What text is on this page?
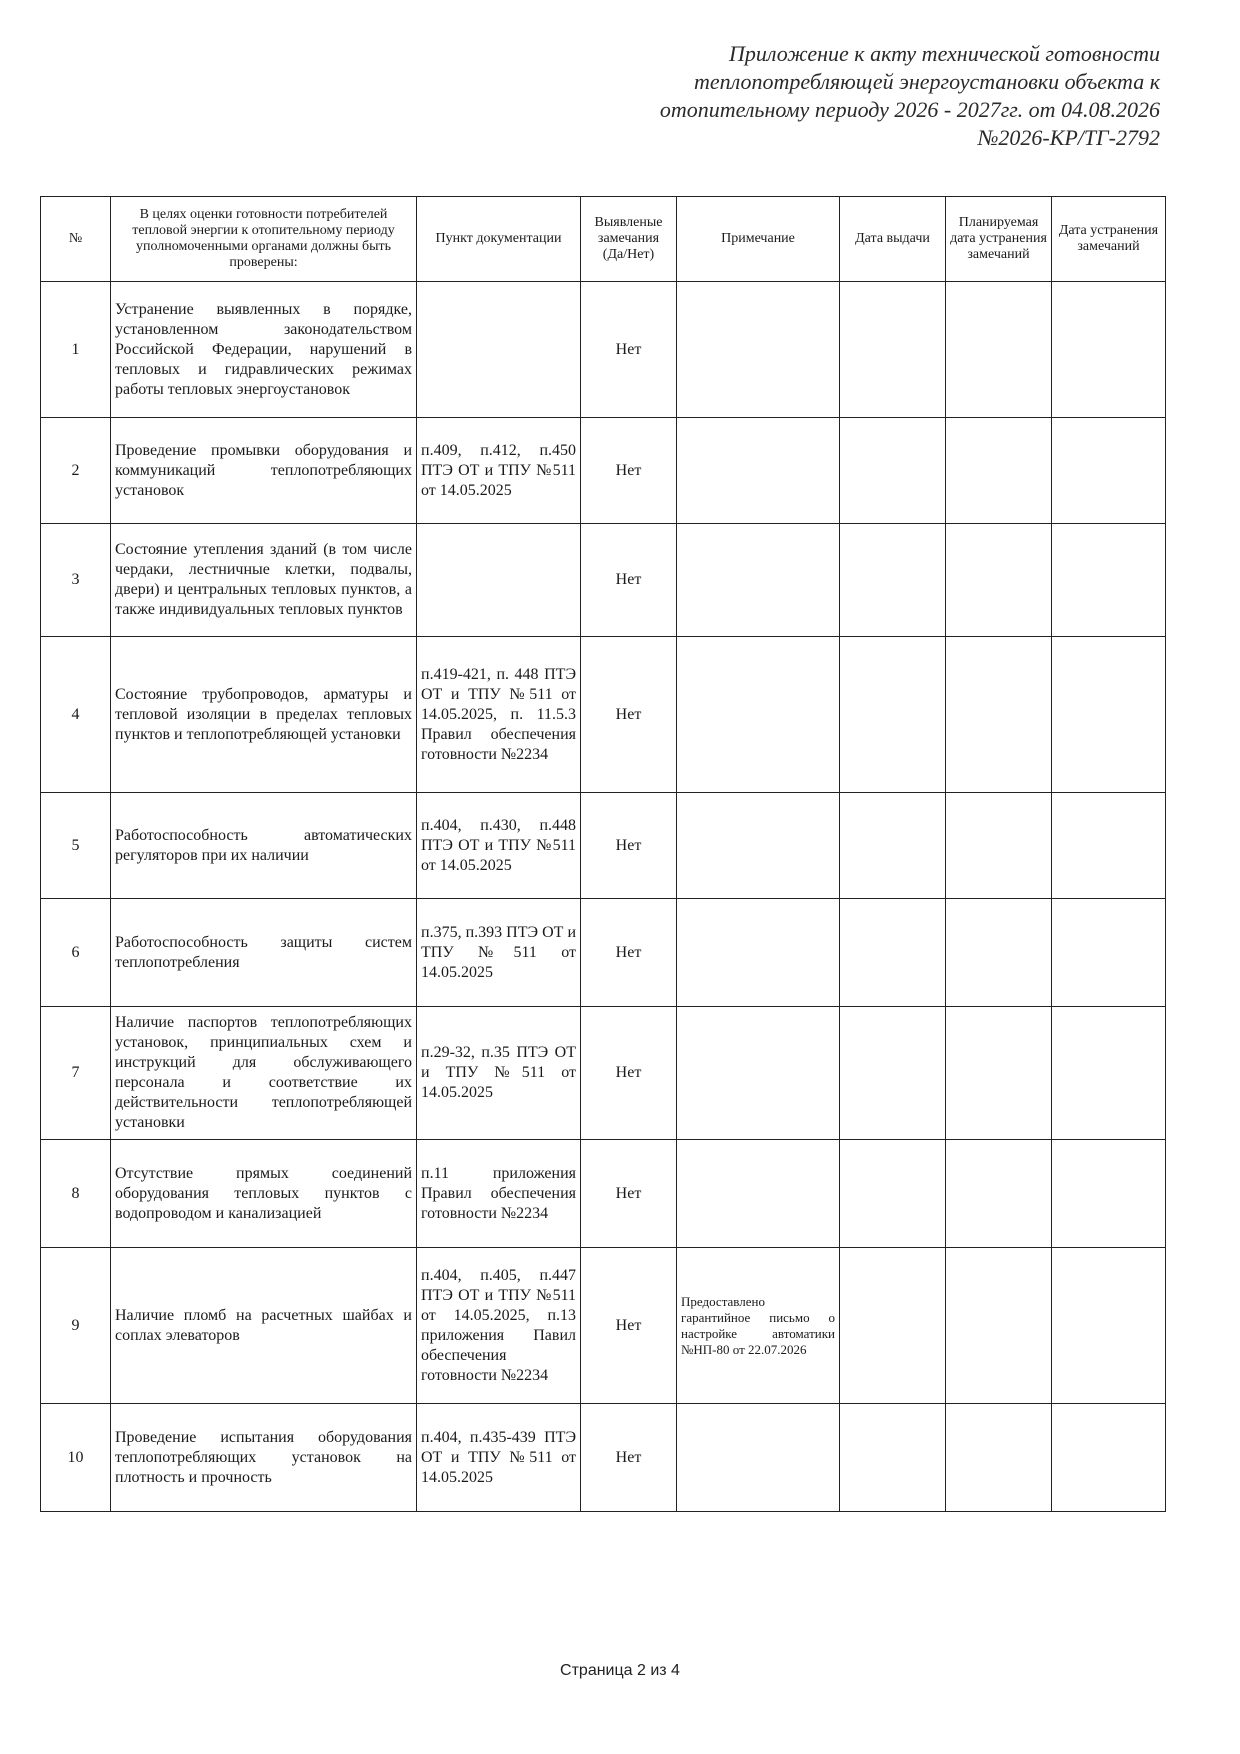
Приложение к акту технической готовности
теплопотребляющей энергоустановки объекта к
отопительному периоду 2026 - 2027гг. от 04.08.2026
№2026-КР/ТГ-2792
№	В целях оценки готовности потребителей тепловой энергии к отопительному периоду уполномоченными органами должны быть проверены:	Пункт документации	Выявленые замечания (Да/Нет)	Примечание	Дата выдачи	Планируемая дата устранения замечаний	Дата устранения замечаний
1	Устранение выявленных в порядке, установленном законодательством Российской Федерации, нарушений в тепловых и гидравлических режимах работы тепловых энергоустановок		Нет				
2	Проведение промывки оборудования и коммуникаций теплопотребляющих установок	п.409, п.412, п.450 ПТЭ ОТ и ТПУ №511 от 14.05.2025	Нет				
3	Состояние утепления зданий (в том числе чердаки, лестничные клетки, подвалы, двери) и центральных тепловых пунктов, а также индивидуальных тепловых пунктов		Нет				
4	Состояние трубопроводов, арматуры и тепловой изоляции в пределах тепловых пунктов и теплопотребляющей установки	п.419-421, п. 448 ПТЭ ОТ и ТПУ №511 от 14.05.2025, п. 11.5.3 Правил обеспечения готовности №2234	Нет				
5	Работоспособность автоматических регуляторов при их наличии	п.404, п.430, п.448 ПТЭ ОТ и ТПУ №511 от 14.05.2025	Нет				
6	Работоспособность защиты систем теплопотребления	п.375, п.393 ПТЭ ОТ и ТПУ №511 от 14.05.2025	Нет				
7	Наличие паспортов теплопотребляющих установок, принципиальных схем и инструкций для обслуживающего персонала и соответствие их действительности теплопотребляющей установки	п.29-32, п.35 ПТЭ ОТ и ТПУ №511 от 14.05.2025	Нет				
8	Отсутствие прямых соединений оборудования тепловых пунктов с водопроводом и канализацией	п.11 приложения Правил обеспечения готовности №2234	Нет				
9	Наличие пломб на расчетных шайбах и соплах элеваторов	п.404, п.405, п.447 ПТЭ ОТ и ТПУ №511 от 14.05.2025, п.13 приложения Павил обеспечения готовности №2234	Нет	Предоставлено гарантийное письмо о настройке автоматики №НП-80 от 22.07.2026			
10	Проведение испытания оборудования теплопотребляющих установок на плотность и прочность	п.404, п.435-439 ПТЭ ОТ и ТПУ №511 от 14.05.2025	Нет				
Страница 2 из 4
